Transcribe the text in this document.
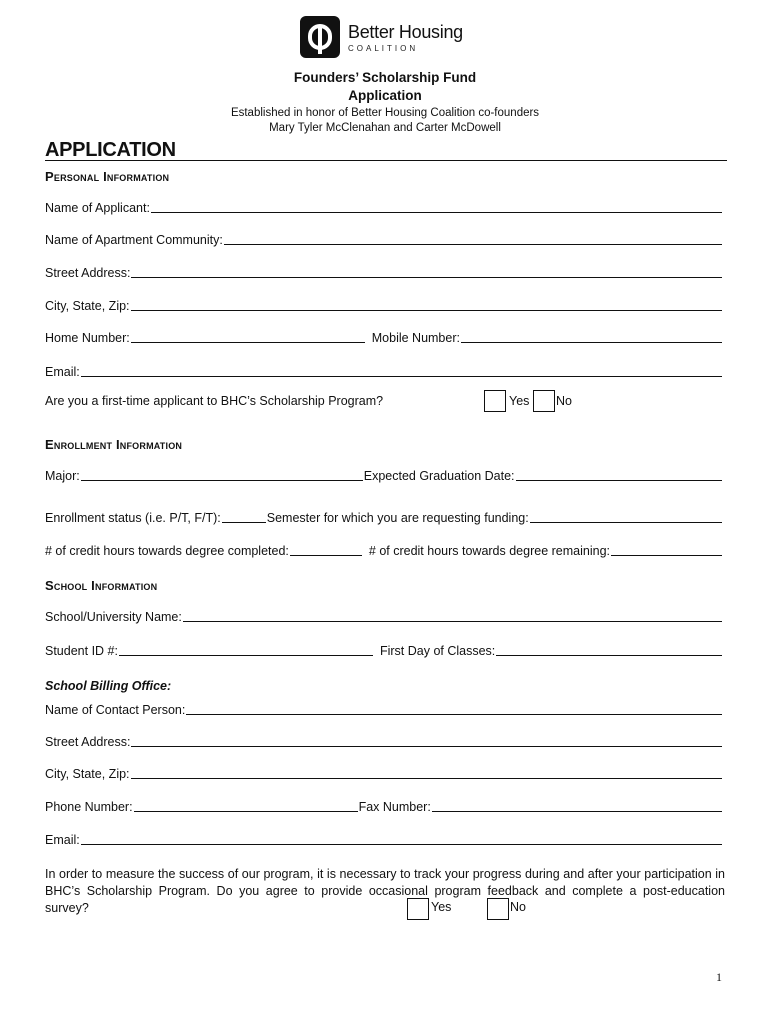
Better Housing
COALITION
Founders’ Scholarship Fund
Application
Established in honor of Better Housing Coalition co-founders
Mary Tyler McClenahan and Carter McDowell
APPLICATION
Personal Information
Name of Applicant:
Name of Apartment Community:
Street Address:
City, State, Zip:
Home Number:	Mobile Number:
Email:
Are you a first-time applicant to BHC’s Scholarship Program?	Yes No
Enrollment Information
Major:	Expected Graduation Date:
Enrollment status (i.e. P/T, F/T):	Semester for which you are requesting funding:
# of credit hours towards degree completed:	# of credit hours towards degree remaining:
School Information
School/University Name:
Student ID #:	First Day of Classes:
School Billing Office:
Name of Contact Person:
Street Address:
City, State, Zip:
Phone Number:	Fax Number:
Email:
In order to measure the success of our program, it is necessary to track your progress during and after your participation in BHC’s Scholarship Program. Do you agree to provide occasional program feedback and complete a post-education survey?	Yes	No
1
